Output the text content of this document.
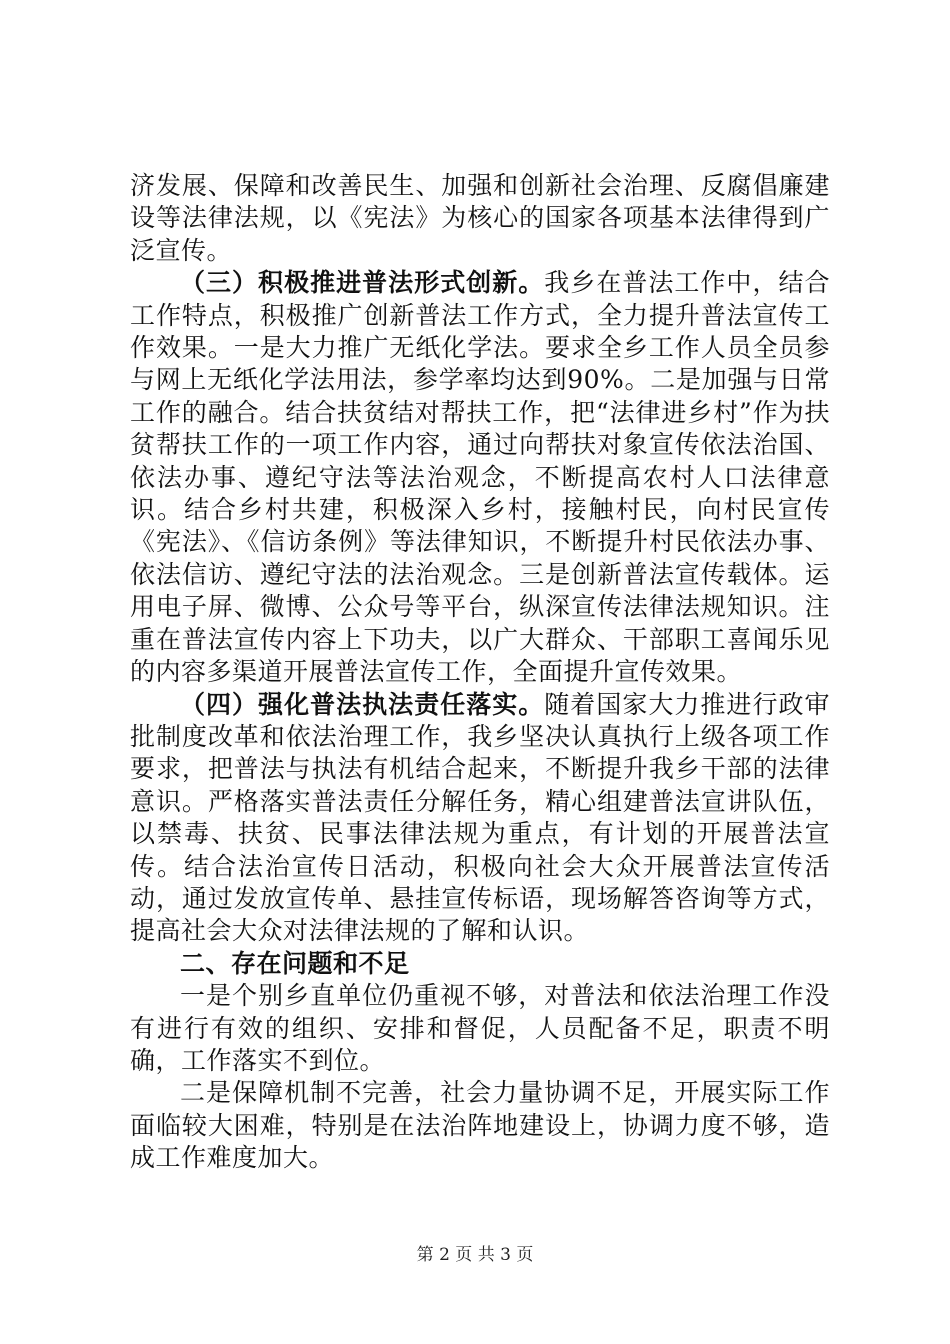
济发展、保障和改善民生、加强和创新社会治理、反腐倡廉建设等法律法规，以《宪法》为核心的国家各项基本法律得到广泛宣传。

（三）积极推进普法形式创新。我乡在普法工作中，结合工作特点，积极推广创新普法工作方式，全力提升普法宣传工作效果。一是大力推广无纸化学法。要求全乡工作人员全员参与网上无纸化学法用法，参学率均达到90%。二是加强与日常工作的融合。结合扶贫结对帮扶工作，把“法律进乡村”作为扶贫帮扶工作的一项工作内容，通过向帮扶对象宣传依法治国、依法办事、遵纪守法等法治观念，不断提高农村人口法律意识。结合乡村共建，积极深入乡村，接触村民，向村民宣传《宪法》、《信访条例》等法律知识，不断提升村民依法办事、依法信访、遵纪守法的法治观念。三是创新普法宣传载体。运用电子屏、微博、公众号等平台，纵深宣传法律法规知识。注重在普法宣传内容上下功夫，以广大群众、干部职工喜闻乐见的内容多渠道开展普法宣传工作，全面提升宣传效果。

（四）强化普法执法责任落实。随着国家大力推进行政审批制度改革和依法治理工作，我乡坚决认真执行上级各项工作要求，把普法与执法有机结合起来，不断提升我乡干部的法律意识。严格落实普法责任分解任务，精心组建普法宣讲队伍，以禁毒、扶贫、民事法律法规为重点，有计划的开展普法宣传。结合法治宣传日活动，积极向社会大众开展普法宣传活动，通过发放宣传单、悬挂宣传标语，现场解答咨询等方式，提高社会大众对法律法规的了解和认识。

二、存在问题和不足

一是个别乡直单位仍重视不够，对普法和依法治理工作没有进行有效的组织、安排和督促，人员配备不足，职责不明确，工作落实不到位。

二是保障机制不完善，社会力量协调不足，开展实际工作面临较大困难，特别是在法治阵地建设上，协调力度不够，造成工作难度加大。

第 2 页 共 3 页
